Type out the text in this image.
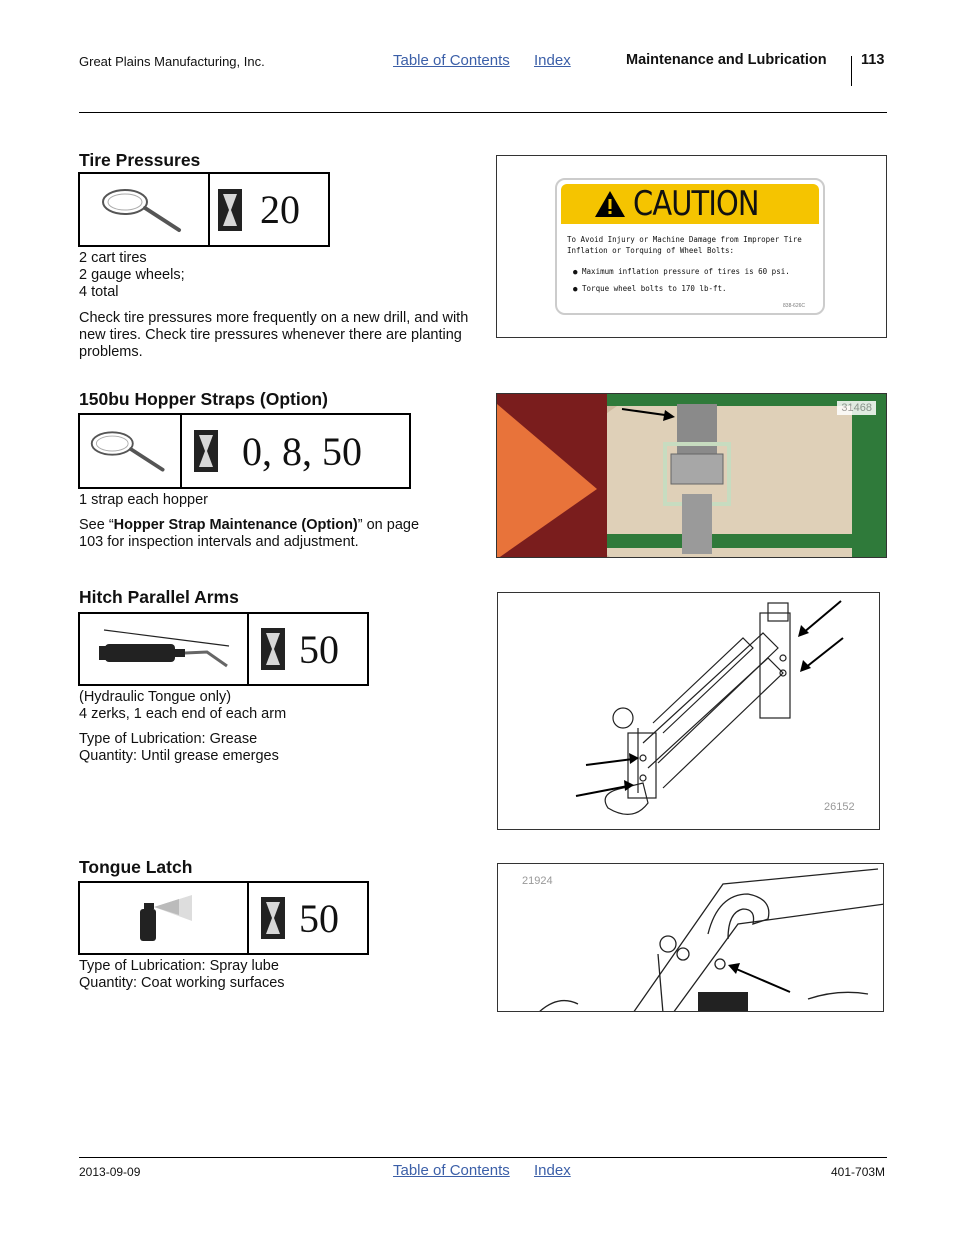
Great Plains Manufacturing, Inc.	Table of Contents Index	Maintenance and Lubrication 113
Tire Pressures
20
2 cart tires
2 gauge wheels;
4 total
Check tire pressures more frequently on a new drill, and with new tires. Check tire pressures whenever there are planting problems.
CAUTION
To Avoid Injury or Machine Damage from Improper Tire
Inflation or Torquing of Wheel Bolts:
● Maximum inflation pressure of tires is 60 psi.
● Torque wheel bolts to 170 lb-ft.
838-626C
150bu Hopper Straps (Option)
0, 8, 50
1 strap each hopper
See “Hopper Strap Maintenance (Option)” on page 103 for inspection intervals and adjustment.
31468
Hitch Parallel Arms
50
(Hydraulic Tongue only)
4 zerks, 1 each end of each arm
Type of Lubrication: Grease
Quantity: Until grease emerges
26152
Tongue Latch
50
Type of Lubrication: Spray lube
Quantity: Coat working surfaces
21924
2013-09-09	Table of Contents Index	401-703M
